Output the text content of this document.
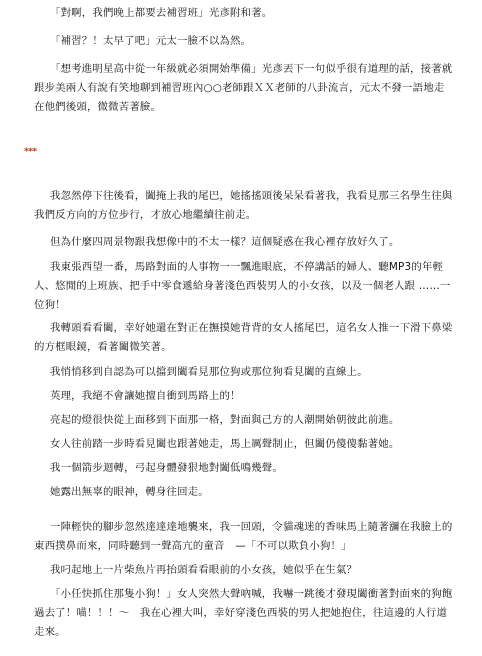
「對啊，我們晚上都要去補習班」光彥附和著。

「補習？！太早了吧」元太一臉不以為然。

「想考進明星高中從一年級就必須開始準備」光彥丟下一句似乎很有道理的話，接著就跟步美兩人有說有笑地聊到補習班內○○老師跟ＸＸ老師的八卦流言，元太不發一語地走在他們後頭，微微苦著臉。

***

我忽然停下往後看，闔掩上我的尾巴，她搖搖頭後呆呆看著我，我看見那三名學生往與我們反方向的方位步行，才放心地繼續往前走。

但為什麼四周景物跟我想像中的不太一樣？這個疑惑在我心裡存放好久了。

我東張西望一番，馬路對面的人事物一一飄進眼底，不停講話的婦人、聽MP3的年輕人、悠閒的上班族、把手中零食遞給身著淺色西裝男人的小女孩，以及一個老人跟 ……一位狗！

我轉頭看看闔，幸好她還在對正在撫摸她背背的女人搖尾巴，這名女人推一下滑下鼻梁的方框眼鏡，看著闔微笑著。

我悄悄移到自認為可以擋到闔看見那位狗或那位狗看見闔的直線上。

英理，我絕不會讓她擅自衝到馬路上的！

亮起的燈很快從上面移到下面那一格，對面與己方的人潮開始朝彼此前進。

女人往前踏一步時看見闔也跟著她走，馬上厲聲制止，但闔仍傻傻黏著她。

我一個箭步迴轉，弓起身體發狠地對闔低鳴幾聲。

她露出無辜的眼神，轉身往回走。

一陣輕快的腳步忽然達達達地襲來，我一回頭，令貓魂迷的香味馬上隨著瀰在我臉上的東西撲鼻而來，同時聽到一聲高亢的童音　—「不可以欺負小狗！」

我叼起地上一片柴魚片再抬頭看看眼前的小女孩，她似乎在生氣？

「小任快抓住那隻小狗！」女人突然大聲吶喊，我嚇一跳後才發現闔衝著對面來的狗飽過去了！喵！！！～　我在心裡大叫，幸好穿淺色西裝的男人把她抱住，往這邊的人行道走來。
